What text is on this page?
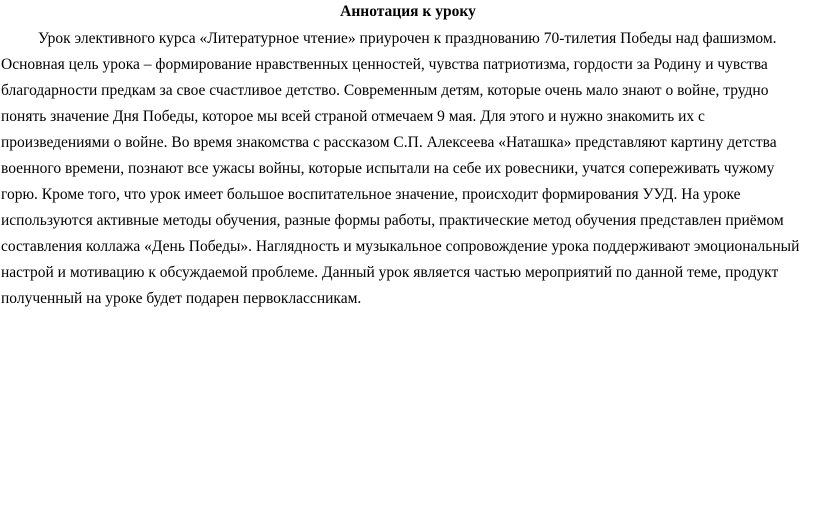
Аннотация к уроку

Урок элективного курса «Литературное чтение» приурочен к празднованию 70-тилетия Победы над фашизмом.

Основная цель урока – формирование нравственных ценностей, чувства патриотизма, гордости за Родину и чувства

благодарности предкам за свое счастливое детство. Современным детям, которые очень мало знают о войне, трудно

понять значение Дня Победы, которое мы всей страной отмечаем 9 мая. Для этого и нужно знакомить их с

произведениями о войне. Во время знакомства с рассказом С.П. Алексеева «Наташка» представляют картину детства

военного времени, познают все ужасы войны, которые испытали на себе их ровесники, учатся сопереживать чужому

горю. Кроме того, что урок имеет большое воспитательное значение, происходит формирования УУД. На уроке

используются активные методы обучения, разные формы работы, практические метод обучения представлен приёмом

составления коллажа «День Победы». Наглядность и музыкальное сопровождение урока поддерживают эмоциональный

настрой и мотивацию к обсуждаемой проблеме. Данный урок является частью мероприятий по данной теме, продукт

полученный на уроке будет подарен первоклассникам.
